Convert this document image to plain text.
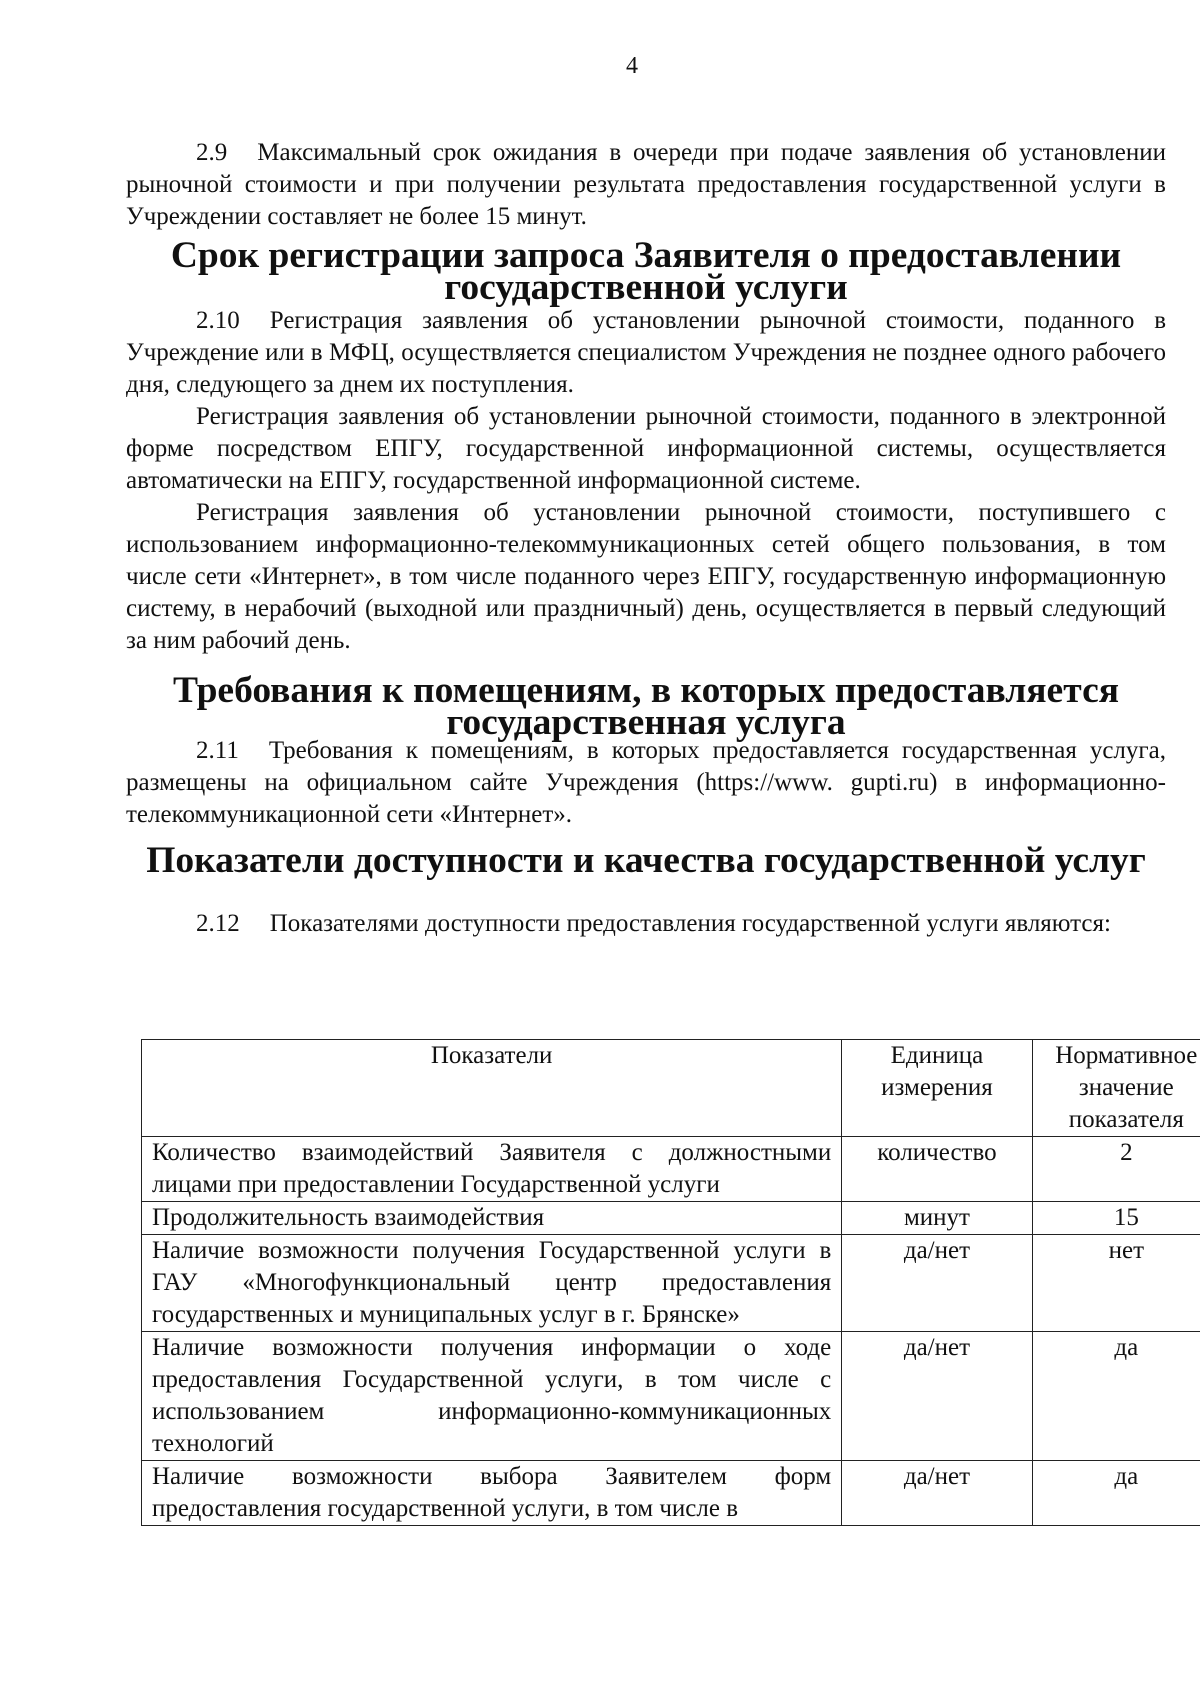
4

2.9 Максимальный срок ожидания в очереди при подаче заявления об установлении рыночной стоимости и при получении результата предоставления государственной услуги в Учреждении составляет не более 15 минут.

Срок регистрации запроса Заявителя о предоставлении государственной услуги

2.10 Регистрация заявления об установлении рыночной стоимости, поданного в Учреждение или в МФЦ, осуществляется специалистом Учреждения не позднее одного рабочего дня, следующего за днем их поступления.

Регистрация заявления об установлении рыночной стоимости, поданного в электронной форме посредством ЕПГУ, государственной информационной системы, осуществляется автоматически на ЕПГУ, государственной информационной системе.

Регистрация заявления об установлении рыночной стоимости, поступившего с использованием информационно-телекоммуникационных сетей общего пользования, в том числе сети «Интернет», в том числе поданного через ЕПГУ, государственную информационную систему, в нерабочий (выходной или праздничный) день, осуществляется в первый следующий за ним рабочий день.

Требования к помещениям, в которых предоставляется государственная услуга

2.11 Требования к помещениям, в которых предоставляется государственная услуга, размещены на официальном сайте Учреждения (https://www. gupti.ru) в информационно-телекоммуникационной сети «Интернет».

Показатели доступности и качества государственной услуг

2.12 Показателями доступности предоставления государственной услуги являются:

Показатели	Единица измерения	Нормативное значение показателя
Количество взаимодействий Заявителя с должностными лицами при предоставлении Государственной услуги	количество	2
Продолжительность взаимодействия	минут	15
Наличие возможности получения Государственной услуги в ГАУ «Многофункциональный центр предоставления государственных и муниципальных услуг в г. Брянске»	да/нет	нет
Наличие возможности получения информации о ходе предоставления Государственной услуги, в том числе с использованием информационно-коммуникационных технологий	да/нет	да
Наличие возможности выбора Заявителем форм предоставления государственной услуги, в том числе в	да/нет	да
